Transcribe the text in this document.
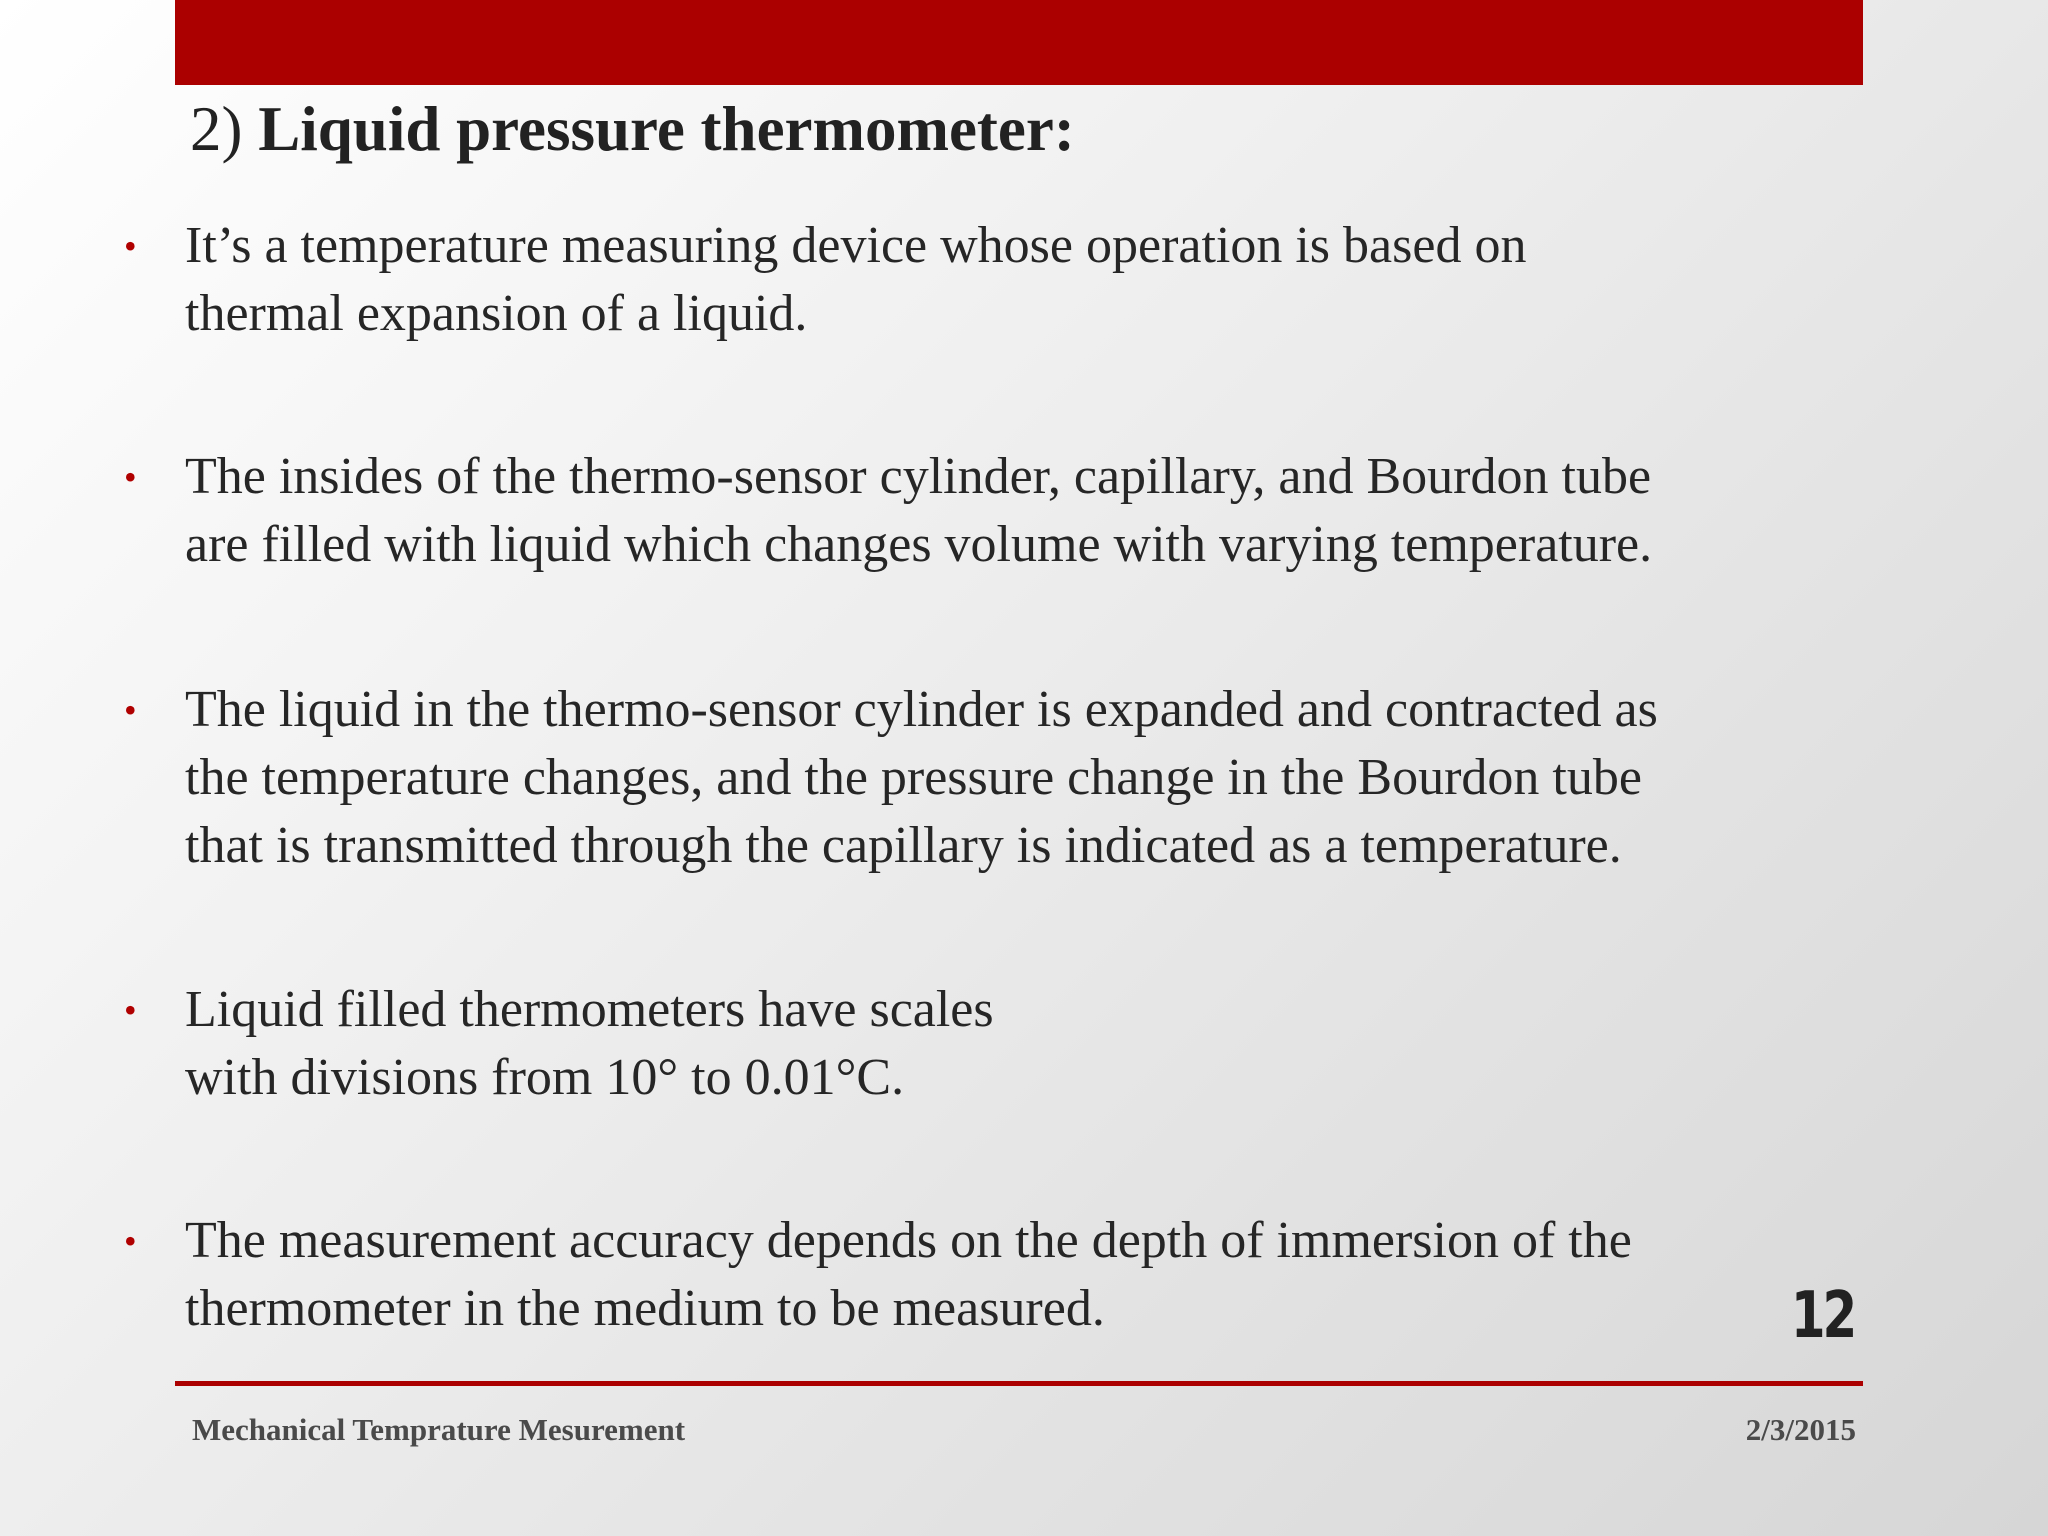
2) Liquid pressure thermometer:
• It’s a temperature measuring device whose operation is based on
thermal expansion of a liquid.
• The insides of the thermo-sensor cylinder, capillary, and Bourdon tube
are filled with liquid which changes volume with varying temperature.
• The liquid in the thermo-sensor cylinder is expanded and contracted as
the temperature changes, and the pressure change in the Bourdon tube
that is transmitted through the capillary is indicated as a temperature.
• Liquid filled thermometers have scales
with divisions from 10° to 0.01°C.
• The measurement accuracy depends on the depth of immersion of the
thermometer in the medium to be measured.	12
Mechanical Temprature Mesurement	2/3/2015
